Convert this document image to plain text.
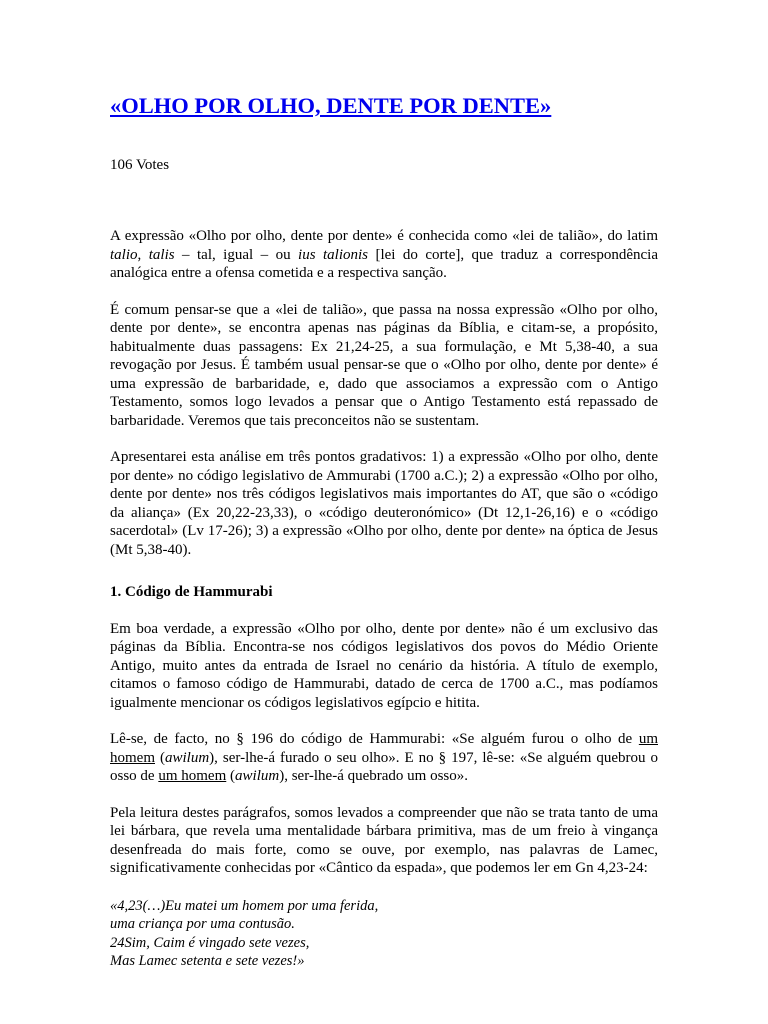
«OLHO POR OLHO, DENTE POR DENTE»
106 Votes

A expressão «Olho por olho, dente por dente» é conhecida como «lei de talião», do latim talio, talis – tal, igual – ou ius talionis [lei do corte], que traduz a correspondência analógica entre a ofensa cometida e a respectiva sanção.

É comum pensar-se que a «lei de talião», que passa na nossa expressão «Olho por olho, dente por dente», se encontra apenas nas páginas da Bíblia, e citam-se, a propósito, habitualmente duas passagens: Ex 21,24-25, a sua formulação, e Mt 5,38-40, a sua revogação por Jesus. É também usual pensar-se que o «Olho por olho, dente por dente» é uma expressão de barbaridade, e, dado que associamos a expressão com o Antigo Testamento, somos logo levados a pensar que o Antigo Testamento está repassado de barbaridade. Veremos que tais preconceitos não se sustentam.

Apresentarei esta análise em três pontos gradativos: 1) a expressão «Olho por olho, dente por dente» no código legislativo de Ammurabi (1700 a.C.); 2) a expressão «Olho por olho, dente por dente» nos três códigos legislativos mais importantes do AT, que são o «código da aliança» (Ex 20,22-23,33), o «código deuteronómico» (Dt 12,1-26,16) e o «código sacerdotal» (Lv 17-26); 3) a expressão «Olho por olho, dente por dente» na óptica de Jesus (Mt 5,38-40).

1. Código de Hammurabi

Em boa verdade, a expressão «Olho por olho, dente por dente» não é um exclusivo das páginas da Bíblia. Encontra-se nos códigos legislativos dos povos do Médio Oriente Antigo, muito antes da entrada de Israel no cenário da história. A título de exemplo, citamos o famoso código de Hammurabi, datado de cerca de 1700 a.C., mas podíamos igualmente mencionar os códigos legislativos egípcio e hitita.

Lê-se, de facto, no § 196 do código de Hammurabi: «Se alguém furou o olho de um homem (awilum), ser-lhe-á furado o seu olho». E no § 197, lê-se: «Se alguém quebrou o osso de um homem (awilum), ser-lhe-á quebrado um osso».

Pela leitura destes parágrafos, somos levados a compreender que não se trata tanto de uma lei bárbara, que revela uma mentalidade bárbara primitiva, mas de um freio à vingança desenfreada do mais forte, como se ouve, por exemplo, nas palavras de Lamec, significativamente conhecidas por «Cântico da espada», que podemos ler em Gn 4,23-24:

«4,23(…)Eu matei um homem por uma ferida,
uma criança por uma contusão.
24Sim, Caim é vingado sete vezes,
Mas Lamec setenta e sete vezes!»
